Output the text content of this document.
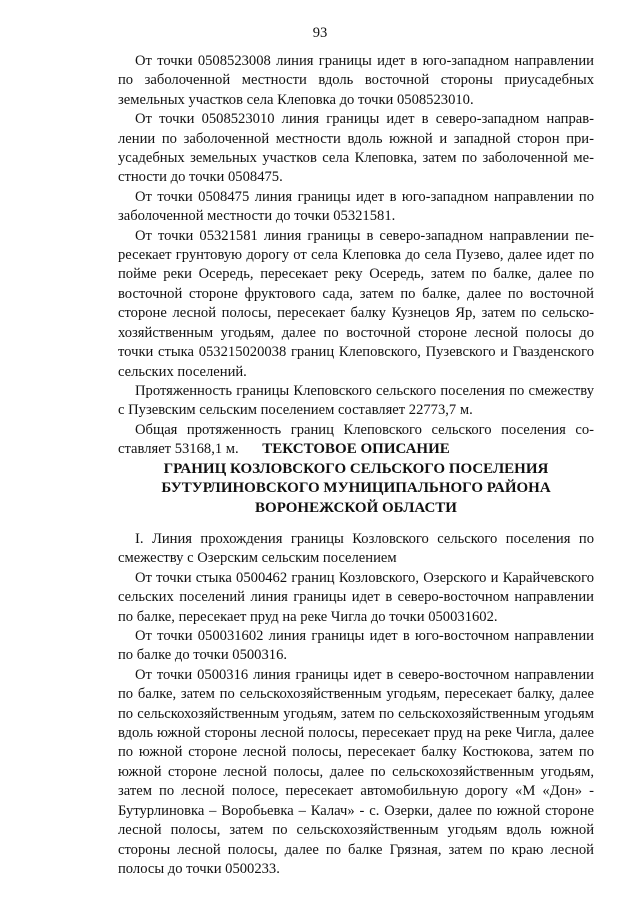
93

От точки 0508523008 линия границы идет в юго-западном направлении по заболоченной местности вдоль восточной стороны приусадебных земельных участков села Клеповка до точки 0508523010.

От точки 0508523010 линия границы идет в северо-западном направлении по заболоченной местности вдоль южной и западной сторон приусадебных земельных участков села Клеповка, затем по заболоченной местности до точки 0508475.

От точки 0508475 линия границы идет в юго-западном направлении по заболоченной местности до точки 05321581.

От точки 05321581 линия границы в северо-западном направлении пересекает грунтовую дорогу от села Клеповка до села Пузево, далее идет по пойме реки Осередь, пересекает реку Осередь, затем по балке, далее по восточной стороне фруктового сада, затем по балке, далее по восточной стороне лесной полосы, пересекает балку Кузнецов Яр, затем по сельскохозяйственным угодьям, далее по восточной стороне лесной полосы до точки стыка 053215020038 границ Клеповского, Пузевского и Гвазденского сельских поселений.

Протяженность границы Клеповского сельского поселения по смежеству с Пузевским сельским поселением составляет 22773,7 м.

Общая протяженность границ Клеповского сельского поселения составляет 53168,1 м.	ТЕКСТОВОЕ ОПИСАНИЕ
ГРАНИЦ КОЗЛОВСКОГО СЕЛЬСКОГО ПОСЕЛЕНИЯ
БУТУРЛИНОВСКОГО МУНИЦИПАЛЬНОГО РАЙОНА
ВОРОНЕЖСКОЙ ОБЛАСТИ

I. Линия прохождения границы Козловского сельского поселения по смежеству с Озерским сельским поселением

От точки стыка 0500462 границ Козловского, Озерского и Карайчевского сельских поселений линия границы идет в северо-восточном направлении по балке, пересекает пруд на реке Чигла до точки 050031602.

От точки 050031602 линия границы идет в юго-восточном направлении по балке до точки 0500316.

От точки 0500316 линия границы идет в северо-восточном направлении по балке, затем по сельскохозяйственным угодьям, пересекает балку, далее по сельскохозяйственным угодьям, затем по сельскохозяйственным угодьям вдоль южной стороны лесной полосы, пересекает пруд на реке Чигла, далее по южной стороне лесной полосы, пересекает балку Костюкова, затем по южной стороне лесной полосы, далее по сельскохозяйственным угодьям, затем по лесной полосе, пересекает автомобильную дорогу «М «Дон» - Бутурлиновка – Воробьевка – Калач» - с. Озерки, далее по южной стороне лесной полосы, затем по сельскохозяйственным угодьям вдоль южной стороны лесной полосы, далее по балке Грязная, затем по краю лесной полосы до точки 0500233.
